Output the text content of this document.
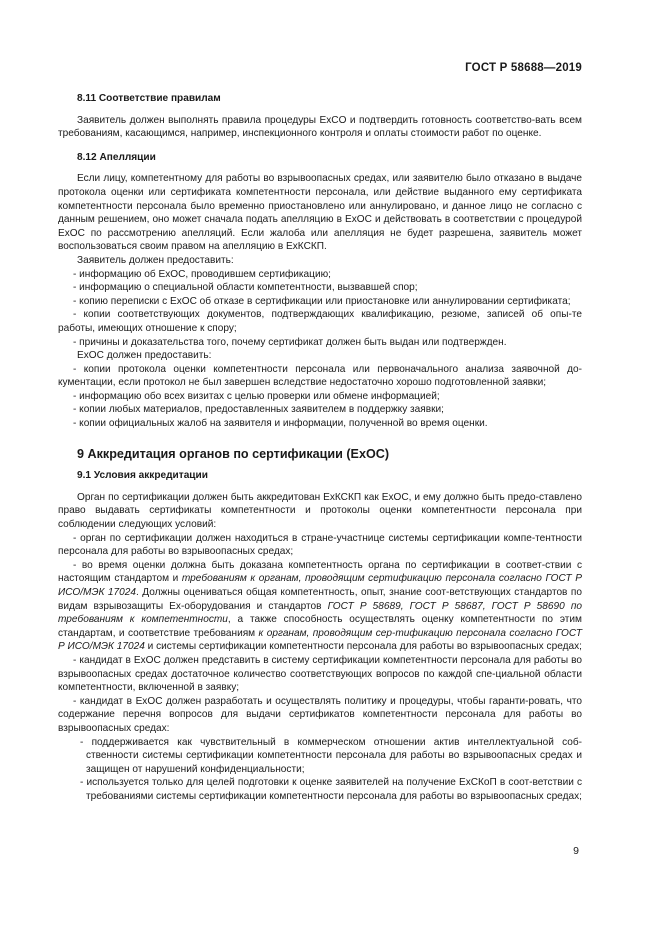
ГОСТ Р 58688—2019

8.11 Соответствие правилам

Заявитель должен выполнять правила процедуры ExCO и подтвердить готовность соответство-вать всем требованиям, касающимся, например, инспекционного контроля и оплаты стоимости работ по оценке.

8.12 Апелляции

Если лицу, компетентному для работы во взрывоопасных средах, или заявителю было отказано в выдаче протокола оценки или сертификата компетентности персонала, или действие выданного ему сертификата компетентности персонала было временно приостановлено или аннулировано, и данное лицо не согласно с данным решением, оно может сначала подать апелляцию в ExOC и действовать в соответствии с процедурой ExOC по рассмотрению апелляций. Если жалоба или апелляция не будет разрешена, заявитель может воспользоваться своим правом на апелляцию в ЕхКСКП.

Заявитель должен предоставить:

- информацию об ExOC, проводившем сертификацию;

- информацию о специальной области компетентности, вызвавшей спор;

- копию переписки с ExOC об отказе в сертификации или приостановке или аннулировании сертификата;

- копии соответствующих документов, подтверждающих квалификацию, резюме, записей об опы-те работы, имеющих отношение к спору;

- причины и доказательства того, почему сертификат должен быть выдан или подтвержден.

ExOC должен предоставить:

- копии протокола оценки компетентности персонала или первоначального анализа заявочной до-кументации, если протокол не был завершен вследствие недостаточно хорошо подготовленной заявки;

- информацию обо всех визитах с целью проверки или обмене информацией;

- копии любых материалов, предоставленных заявителем в поддержку заявки;

- копии официальных жалоб на заявителя и информации, полученной во время оценки.

9 Аккредитация органов по сертификации (ExOC)

9.1 Условия аккредитации

Орган по сертификации должен быть аккредитован ЕхКСКП как ExOC, и ему должно быть предо-ставлено право выдавать сертификаты компетентности и протоколы оценки компетентности персонала при соблюдении следующих условий:

- орган по сертификации должен находиться в стране-участнице системы сертификации компе-тентности персонала для работы во взрывоопасных средах;

- во время оценки должна быть доказана компетентность органа по сертификации в соответ-ствии с настоящим стандартом и требованиям к органам, проводящим сертификацию персонала согласно ГОСТ Р ИСО/МЭК 17024. Должны оцениваться общая компетентность, опыт, знание соот-ветствующих стандартов по видам взрывозащиты Ех-оборудования и стандартов ГОСТ Р 58689, ГОСТ Р 58687, ГОСТ Р 58690 по требованиям к компетентности, а также способность осуществлять оценку компетентности по этим стандартам, и соответствие требованиям к органам, проводящим сер-тификацию персонала согласно ГОСТ Р ИСО/МЭК 17024 и системы сертификации компетентности персонала для работы во взрывоопасных средах;

- кандидат в ExOC должен представить в систему сертификации компетентности персонала для работы во взрывоопасных средах достаточное количество соответствующих вопросов по каждой спе-циальной области компетентности, включенной в заявку;

- кандидат в ExOC должен разработать и осуществлять политику и процедуры, чтобы гаранти-ровать, что содержание перечня вопросов для выдачи сертификатов компетентности персонала для работы во взрывоопасных средах:

- поддерживается как чувствительный в коммерческом отношении актив интеллектуальной соб-ственности системы сертификации компетентности персонала для работы во взрывоопасных средах и защищен от нарушений конфиденциальности;

- используется только для целей подготовки к оценке заявителей на получение ЕхСКоП в соот-ветствии с требованиями системы сертификации компетентности персонала для работы во взрывоопасных средах;

9
